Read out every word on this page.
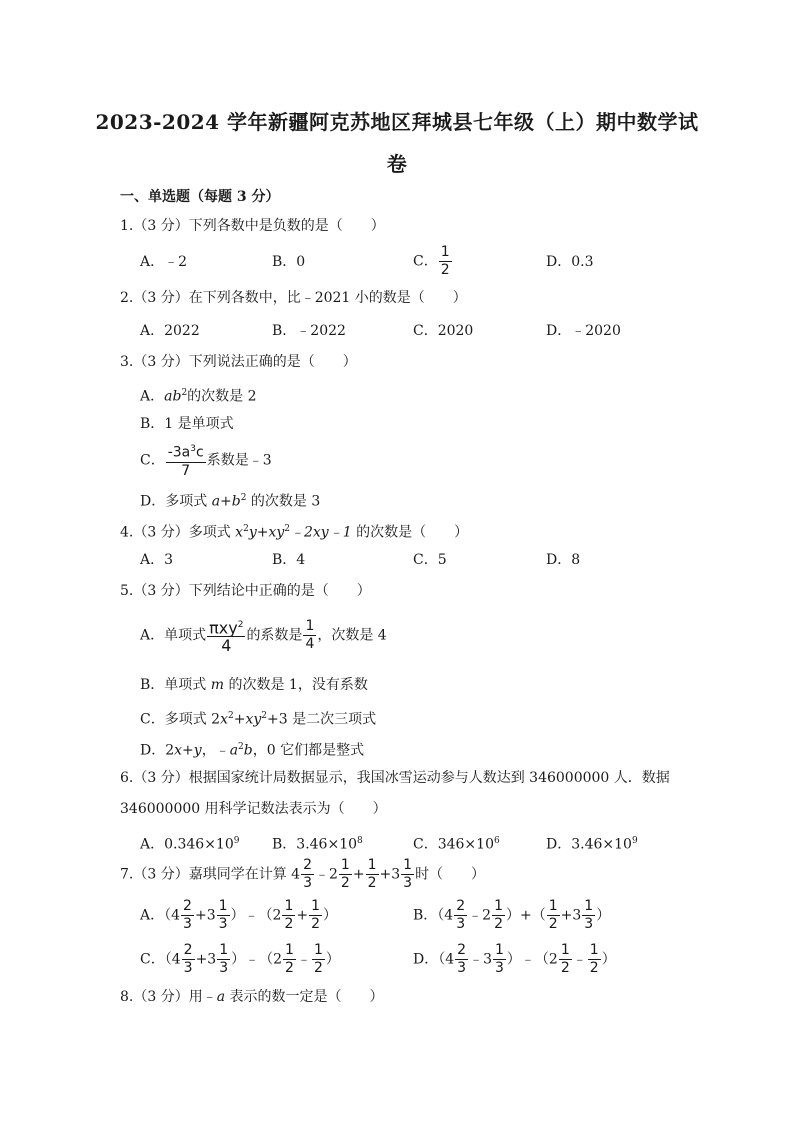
2023-2024 学年新疆阿克苏地区拜城县七年级（上）期中数学试
卷
一、单选题（每题 3 分）
1.（3 分）下列各数中是负数的是（　　）
A．﹣2	B．0	C． $\frac{1}{2}$	D．0.3
2.（3 分）在下列各数中，比﹣2021 小的数是（　　）
A．2022	B．﹣2022	C．2020	D．﹣2020
3.（3 分）下列说法正确的是（　　）
A．$ab^2$的次数是 2
B．1 是单项式
C． $\frac{-3a^3c}{7}$ 系数是﹣3
D．多项式 $a+b^2$ 的次数是 3
4.（3 分）多项式 $x^2y+xy^2﹣2xy﹣1$ 的次数是（　　）
A．3	B．4	C．5	D．8
5.（3 分）下列结论中正确的是（　　）
A．单项式 $\frac{\pi xy^2}{4}$ 的系数是 $\frac{1}{4}$ ，次数是 4
B．单项式 m 的次数是 1，没有系数
C．多项式 $2x^2+xy^2+3$ 是二次三项式
D．2x+y，$﹣a^2b$，0 它们都是整式
6.（3 分）根据国家统计局数据显示，我国冰雪运动参与人数达到 346000000 人．数据
346000000 用科学记数法表示为（　　）
A．$0.346\times 10^9$ B．$3.46\times 10^8$	C．$346\times 10^6$	D．$3.46\times 10^9$
7.（3 分）嘉琪同学在计算 $4 \frac{2}{3}$ ﹣2 $\frac{1}{2} + \frac{1}{2} +3 \frac{1}{3}$ 时（　　）
A．（$4 \frac{2}{3} +3 \frac{1}{3}$ ）﹣（2 $\frac{1}{2} + \frac{1}{2}$ ）	B．（$4 \frac{2}{3}$ ﹣2 $\frac{1}{2}$ ）+（ $\frac{1}{2} +3 \frac{1}{3}$ ）
C．（$4 \frac{2}{3} +3 \frac{1}{3}$ ）﹣（2 $\frac{1}{2}$ ﹣ $\frac{1}{2}$ ）	D．（$4 \frac{2}{3}$ ﹣3 $\frac{1}{3}$ ）﹣（2 $\frac{1}{2}$ ﹣ $\frac{1}{2}$ ）
8.（3 分）用﹣a 表示的数一定是（　　）
